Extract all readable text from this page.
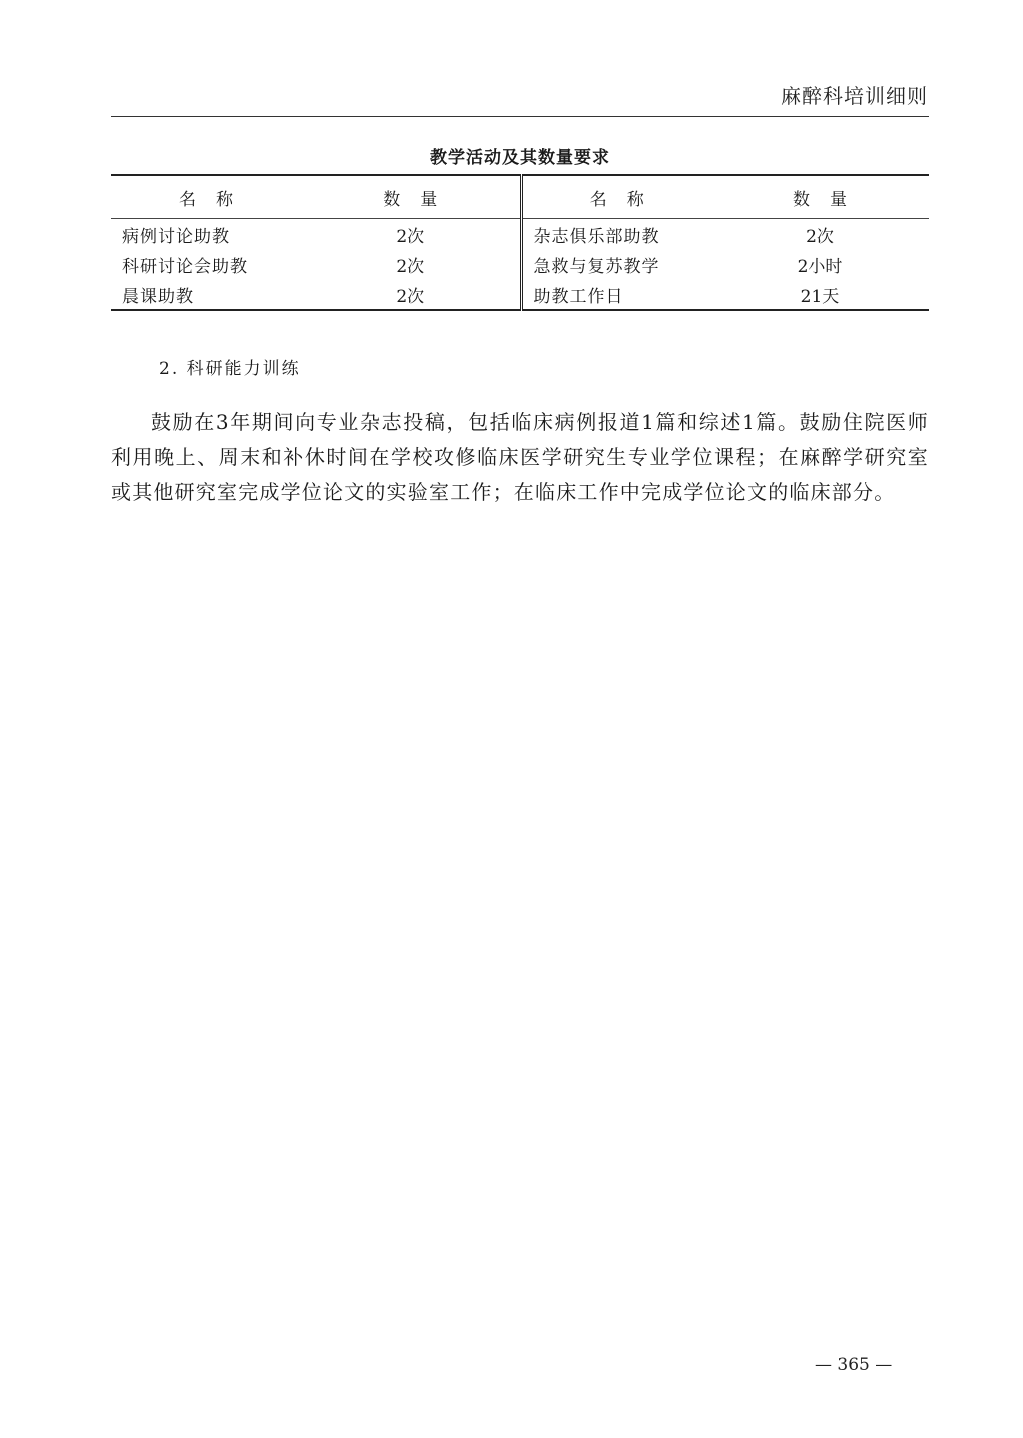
麻醉科培训细则
教学活动及其数量要求
名称	数量	名称	数量
病例讨论助教	2次	杂志俱乐部助教	2次
科研讨论会助教	2次	急救与复苏教学	2小时
晨课助教	2次	助教工作日	21天
2. 科研能力训练

鼓励在3年期间向专业杂志投稿，包括临床病例报道1篇和综述1篇。鼓励住院医师利用晚上、周末和补休时间在学校攻修临床医学研究生专业学位课程；在麻醉学研究室或其他研究室完成学位论文的实验室工作；在临床工作中完成学位论文的临床部分。

— 365 —
